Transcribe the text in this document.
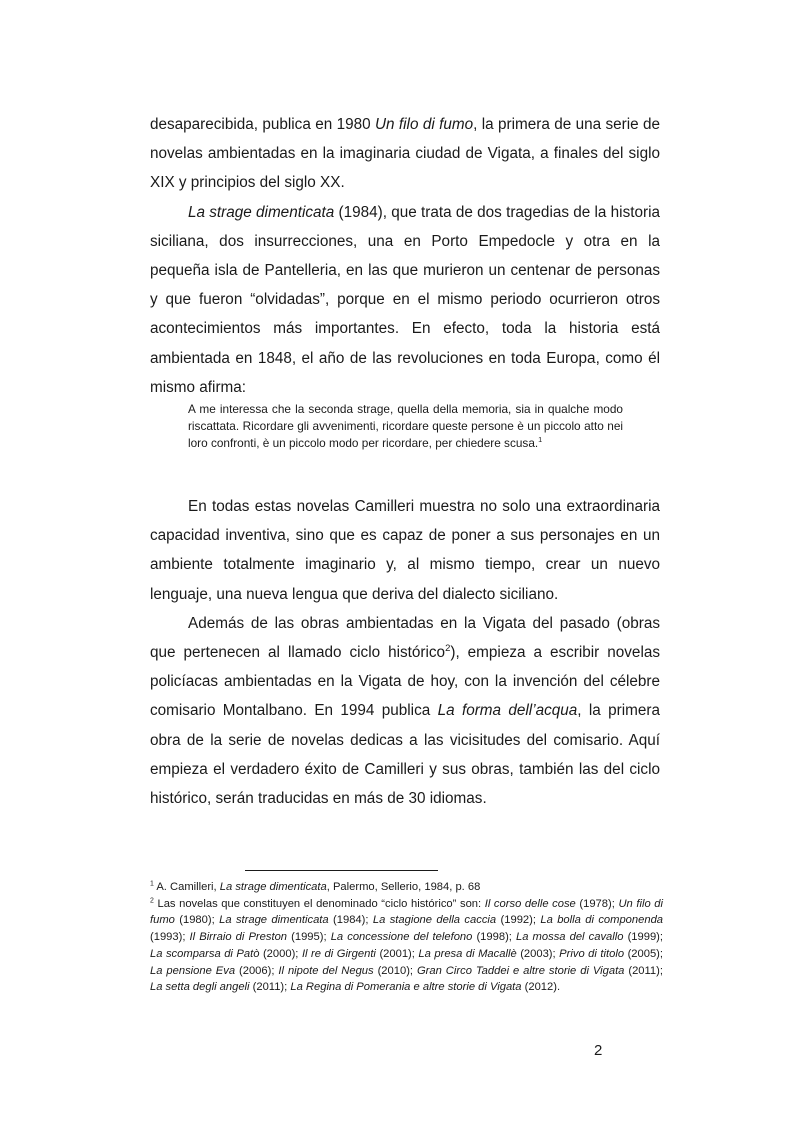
desaparecibida, publica en 1980 Un filo di fumo, la primera de una serie de novelas ambientadas en la imaginaria ciudad de Vigata, a finales del siglo XIX y principios del siglo XX.

La strage dimenticata (1984), que trata de dos tragedias de la historia siciliana, dos insurrecciones, una en Porto Empedocle y otra en la pequeña isla de Pantelleria, en las que murieron un centenar de personas y que fueron “olvidadas”, porque en el mismo periodo ocurrieron otros acontecimientos más importantes. En efecto, toda la historia está ambientada en 1848, el año de las revoluciones en toda Europa, como él mismo afirma:

A me interessa che la seconda strage, quella della memoria, sia in qualche modo riscattata. Ricordare gli avvenimenti, ricordare queste persone è un piccolo atto nei loro confronti, è un piccolo modo per ricordare, per chiedere scusa.$^1$

En todas estas novelas Camilleri muestra no solo una extraordinaria capacidad inventiva, sino que es capaz de poner a sus personajes en un ambiente totalmente imaginario y, al mismo tiempo, crear un nuevo lenguaje, una nueva lengua que deriva del dialecto siciliano.

Además de las obras ambientadas en la Vigata del pasado (obras que pertenecen al llamado ciclo histórico$^2$), empieza a escribir novelas policíacas ambientadas en la Vigata de hoy, con la invención del célebre comisario Montalbano. En 1994 publica La forma dell’acqua, la primera obra de la serie de novelas dedicas a las vicisitudes del comisario. Aquí empieza el verdadero éxito de Camilleri y sus obras, también las del ciclo histórico, serán traducidas en más de 30 idiomas.

$^1$ A. Camilleri, La strage dimenticata, Palermo, Sellerio, 1984, p. 68

$^2$ Las novelas que constituyen el denominado “ciclo histórico” son: Il corso delle cose (1978); Un filo di fumo (1980); La strage dimenticata (1984); La stagione della caccia (1992); La bolla di componenda (1993); Il Birraio di Preston (1995); La concessione del telefono (1998); La mossa del cavallo (1999); La scomparsa di Patò (2000); Il re di Girgenti (2001); La presa di Macallè (2003); Privo di titolo (2005); La pensione Eva (2006); Il nipote del Negus (2010); Gran Circo Taddei e altre storie di Vigata (2011); La setta degli angeli (2011); La Regina di Pomerania e altre storie di Vigata (2012).

2
